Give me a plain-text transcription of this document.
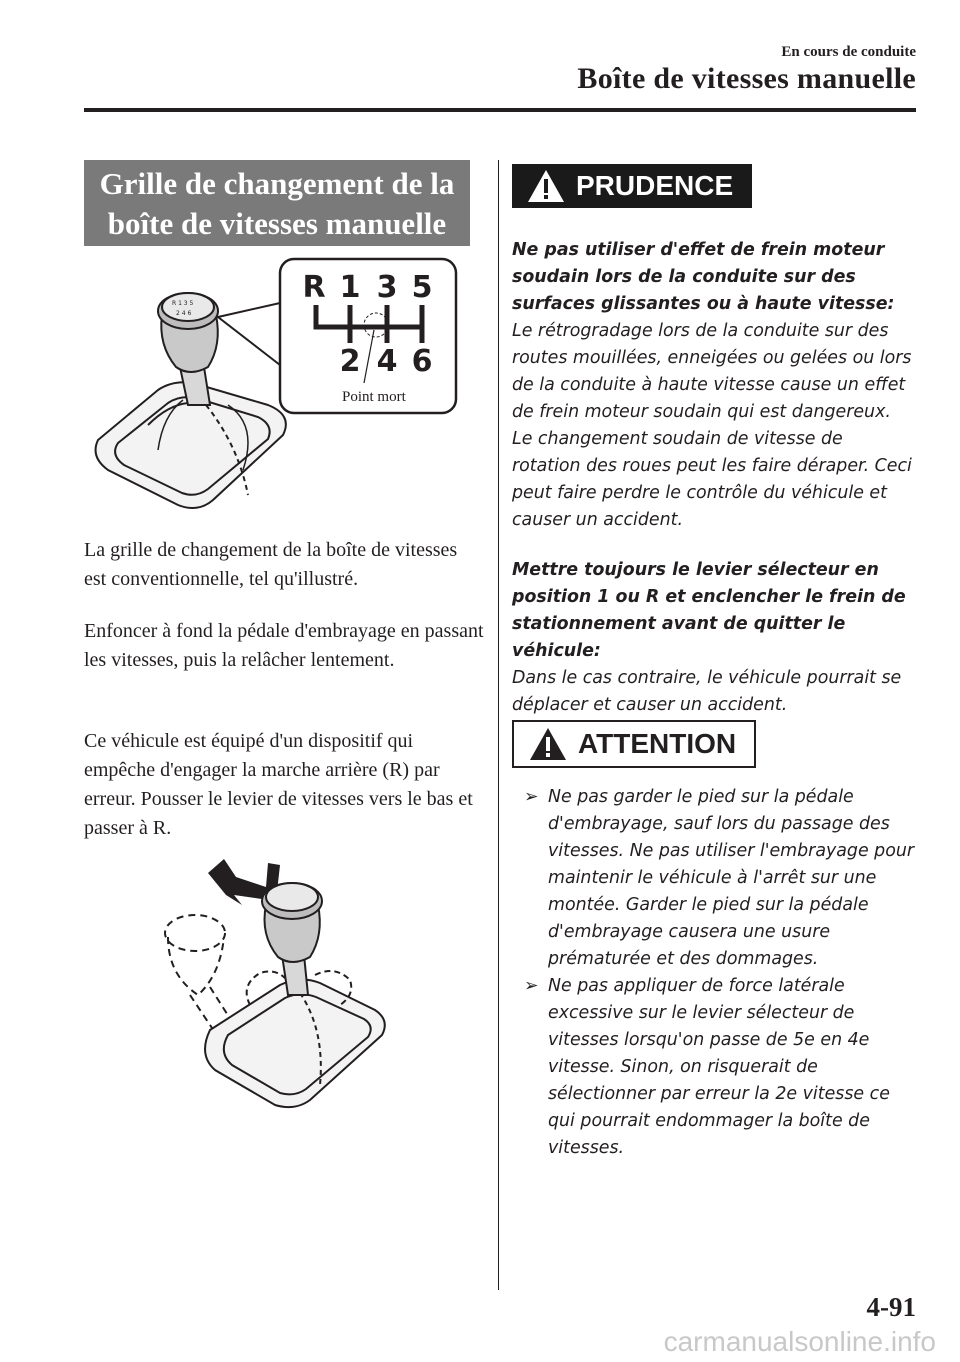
En cours de conduite
Boîte de vitesses manuelle
Grille de changement de la
boîte de vitesses manuelle
R 1 3 5
2 4 6
R 1 3 5
2 4 6
Point mort

La grille de changement de la boîte de vitesses est conventionnelle, tel qu'illustré.

Enfoncer à fond la pédale d'embrayage en passant les vitesses, puis la relâcher lentement.

Ce véhicule est équipé d'un dispositif qui empêche d'engager la marche arrière (R) par erreur. Pousser le levier de vitesses vers le bas et passer à R.

PRUDENCE

Ne pas utiliser d'effet de frein moteur soudain lors de la conduite sur des surfaces glissantes ou à haute vitesse:

Le rétrogradage lors de la conduite sur des routes mouillées, enneigées ou gelées ou lors de la conduite à haute vitesse cause un effet de frein moteur soudain qui est dangereux. Le changement soudain de vitesse de rotation des roues peut les faire déraper. Ceci peut faire perdre le contrôle du véhicule et causer un accident.

Mettre toujours le levier sélecteur en position 1 ou R et enclencher le frein de stationnement avant de quitter le véhicule:

Dans le cas contraire, le véhicule pourrait se déplacer et causer un accident.

ATTENTION

➢ Ne pas garder le pied sur la pédale d'embrayage, sauf lors du passage des vitesses. Ne pas utiliser l'embrayage pour maintenir le véhicule à l'arrêt sur une montée. Garder le pied sur la pédale d'embrayage causera une usure prématurée et des dommages.

➢ Ne pas appliquer de force latérale excessive sur le levier sélecteur de vitesses lorsqu'on passe de 5e en 4e vitesse. Sinon, on risquerait de sélectionner par erreur la 2e vitesse ce qui pourrait endommager la boîte de vitesses.

4-91
carmanualsonline.info
